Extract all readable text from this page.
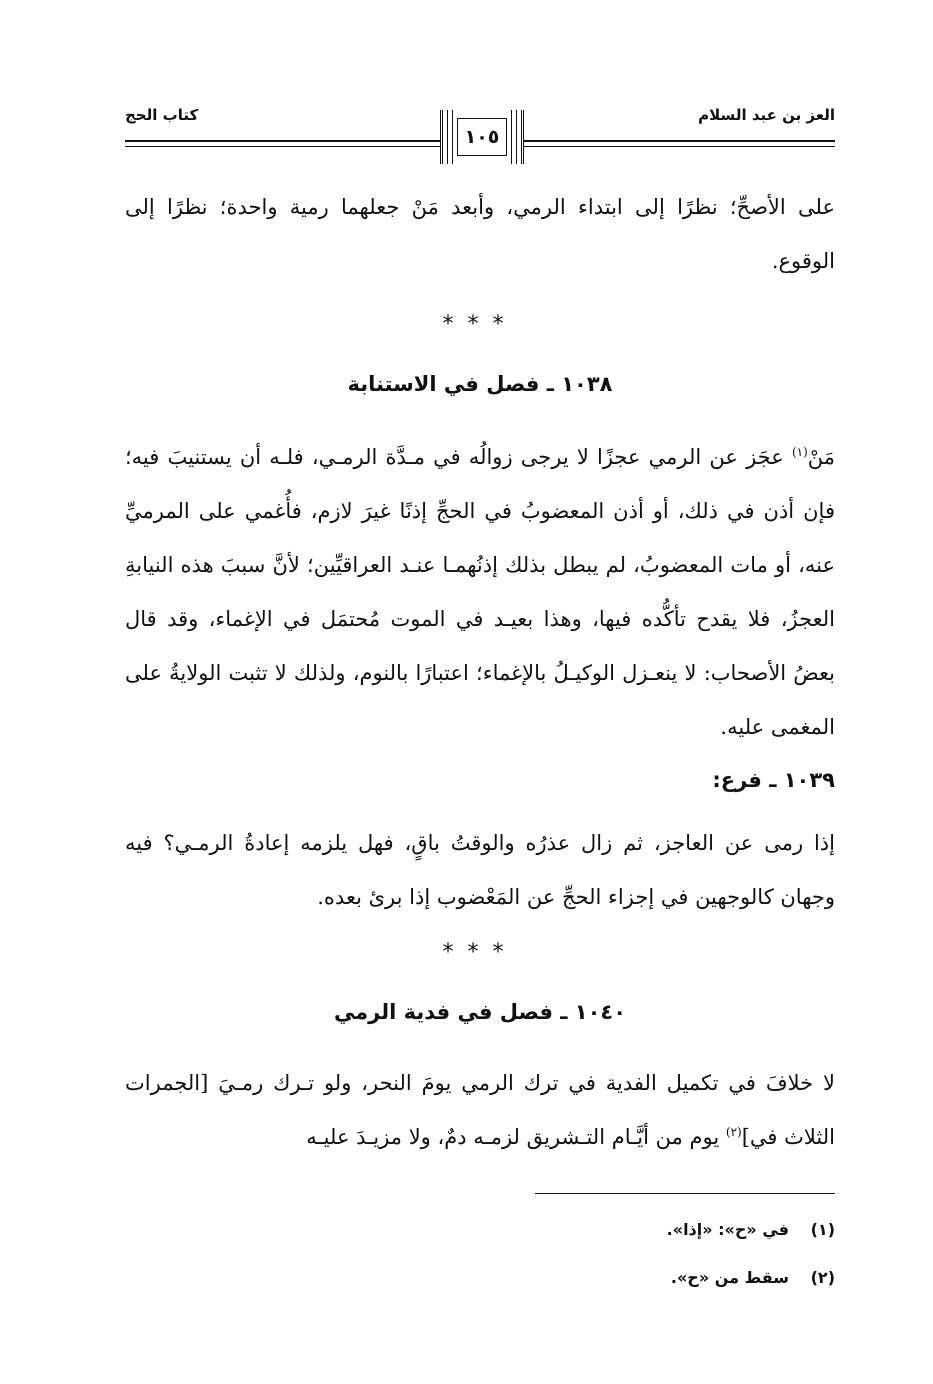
العز بن عبد السلام
كتاب الحج
١٠٥

على الأصحِّ؛ نظرًا إلى ابتداء الرمي، وأبعد مَنْ جعلهما رمية واحدة؛ نظرًا إلى الوقوع.

***
١٠٣٨ ـ فصل في الاستنابة

مَنْ$^{(١)}$ عجَز عن الرمي عجزًا لا يرجى زوالُه في مـدَّة الرمـي، فلـه أن يستنيبَ فيه؛ فإن أذن في ذلك، أو أذن المعضوبُ في الحجِّ إذنًا غيرَ لازم، فأُغمي على المرميِّ عنه، أو مات المعضوبُ، لم يبطل بذلك إذنُهمـا عنـد العراقيِّين؛ لأنَّ سببَ هذه النيابةِ العجزُ، فلا يقدح تأكُّده فيها، وهذا بعيـد في الموت مُحتمَل في الإغماء، وقد قال بعضُ الأصحاب: لا ينعـزل الوكيـلُ بالإغماء؛ اعتبارًا بالنوم، ولذلك لا تثبت الولايةُ على المغمى عليه.

١٠٣٩ ـ فرع:

إذا رمى عن العاجز، ثم زال عذرُه والوقتُ باقٍ، فهل يلزمه إعادةُ الرمـي؟ فيه وجهان كالوجهين في إجزاء الحجِّ عن المَعْضوب إذا برئ بعده.

***
١٠٤٠ ـ فصل في فدية الرمي

لا خلافَ في تكميل الفدية في ترك الرمي يومَ النحر، ولو تـرك رمـيَ [الجمرات الثلاث في]$^{(٢)}$ يوم من أيَّـام التـشريق لزمـه دمٌ، ولا مزيـدَ عليـه

(١)في «ح»: «إذا».
(٢)سقط من «ح».
